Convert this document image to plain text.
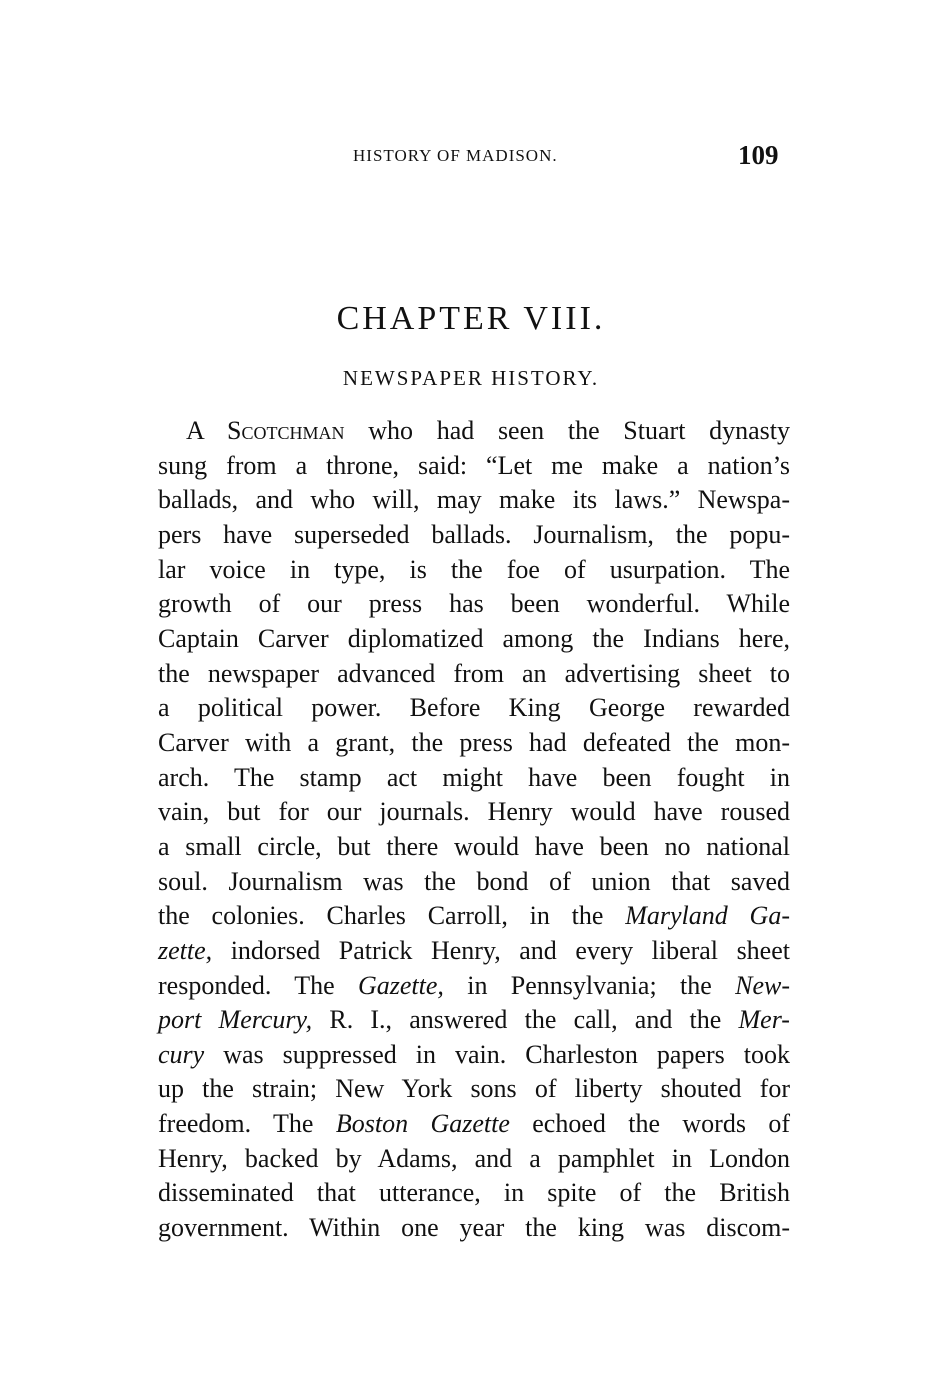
HISTORY OF MADISON.	109
CHAPTER VIII.
NEWSPAPER HISTORY.
A Scotchman who had seen the Stuart dynasty
sung from a throne, said: “Let me make a nation’s
ballads, and who will, may make its laws.” Newspa-
pers have superseded ballads. Journalism, the popu-
lar voice in type, is the foe of usurpation. The
growth of our press has been wonderful. While
Captain Carver diplomatized among the Indians here,
the newspaper advanced from an advertising sheet to
a political power. Before King George rewarded
Carver with a grant, the press had defeated the mon-
arch. The stamp act might have been fought in
vain, but for our journals. Henry would have roused
a small circle, but there would have been no national
soul. Journalism was the bond of union that saved
the colonies. Charles Carroll, in the Maryland Ga-
zette, indorsed Patrick Henry, and every liberal sheet
responded. The Gazette, in Pennsylvania; the New-
port Mercury, R. I., answered the call, and the Mer-
cury was suppressed in vain. Charleston papers took
up the strain; New York sons of liberty shouted for
freedom. The Boston Gazette echoed the words of
Henry, backed by Adams, and a pamphlet in London
disseminated that utterance, in spite of the British
government. Within one year the king was discom-
